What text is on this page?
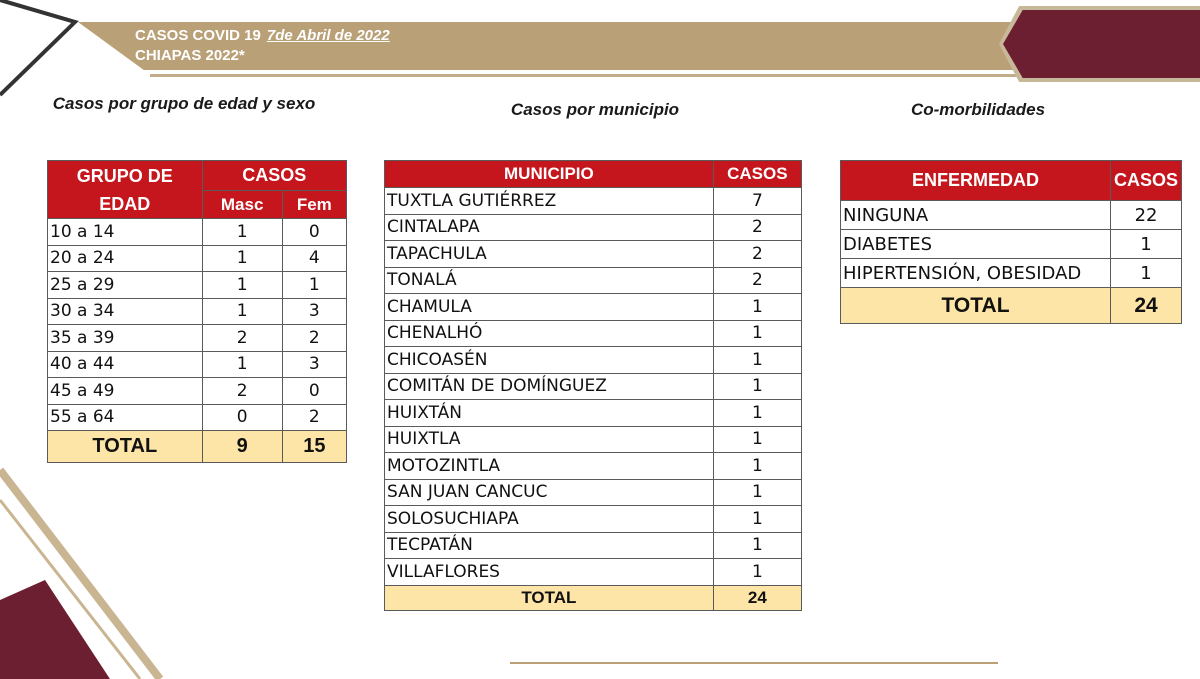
CASOS COVID 19 7de Abril de 2022
CHIAPAS 2022*
Casos por grupo de edad y sexo	Casos por municipio	Co-morbilidades
GRUPO DE EDAD	CASOS	
	Masc	Fem
10 a 14	1	0
20 a 24	1	4
25 a 29	1	1
30 a 34	1	3
35 a 39	2	2
40 a 44	1	3
45 a 49	2	0
55 a 64	0	2
TOTAL	9	15
MUNICIPIO	CASOS
TUXTLA GUTIÉRREZ	7
CINTALAPA	2
TAPACHULA	2
TONALÁ	2
CHAMULA	1
CHENALHÓ	1
CHICOASÉN	1
COMITÁN DE DOMÍNGUEZ	1
HUIXTÁN	1
HUIXTLA	1
MOTOZINTLA	1
SAN JUAN CANCUC	1
SOLOSUCHIAPA	1
TECPATÁN	1
VILLAFLORES	1
TOTAL	24
ENFERMEDAD	CASOS
NINGUNA	22
DIABETES	1
HIPERTENSIÓN, OBESIDAD	1
TOTAL	24
